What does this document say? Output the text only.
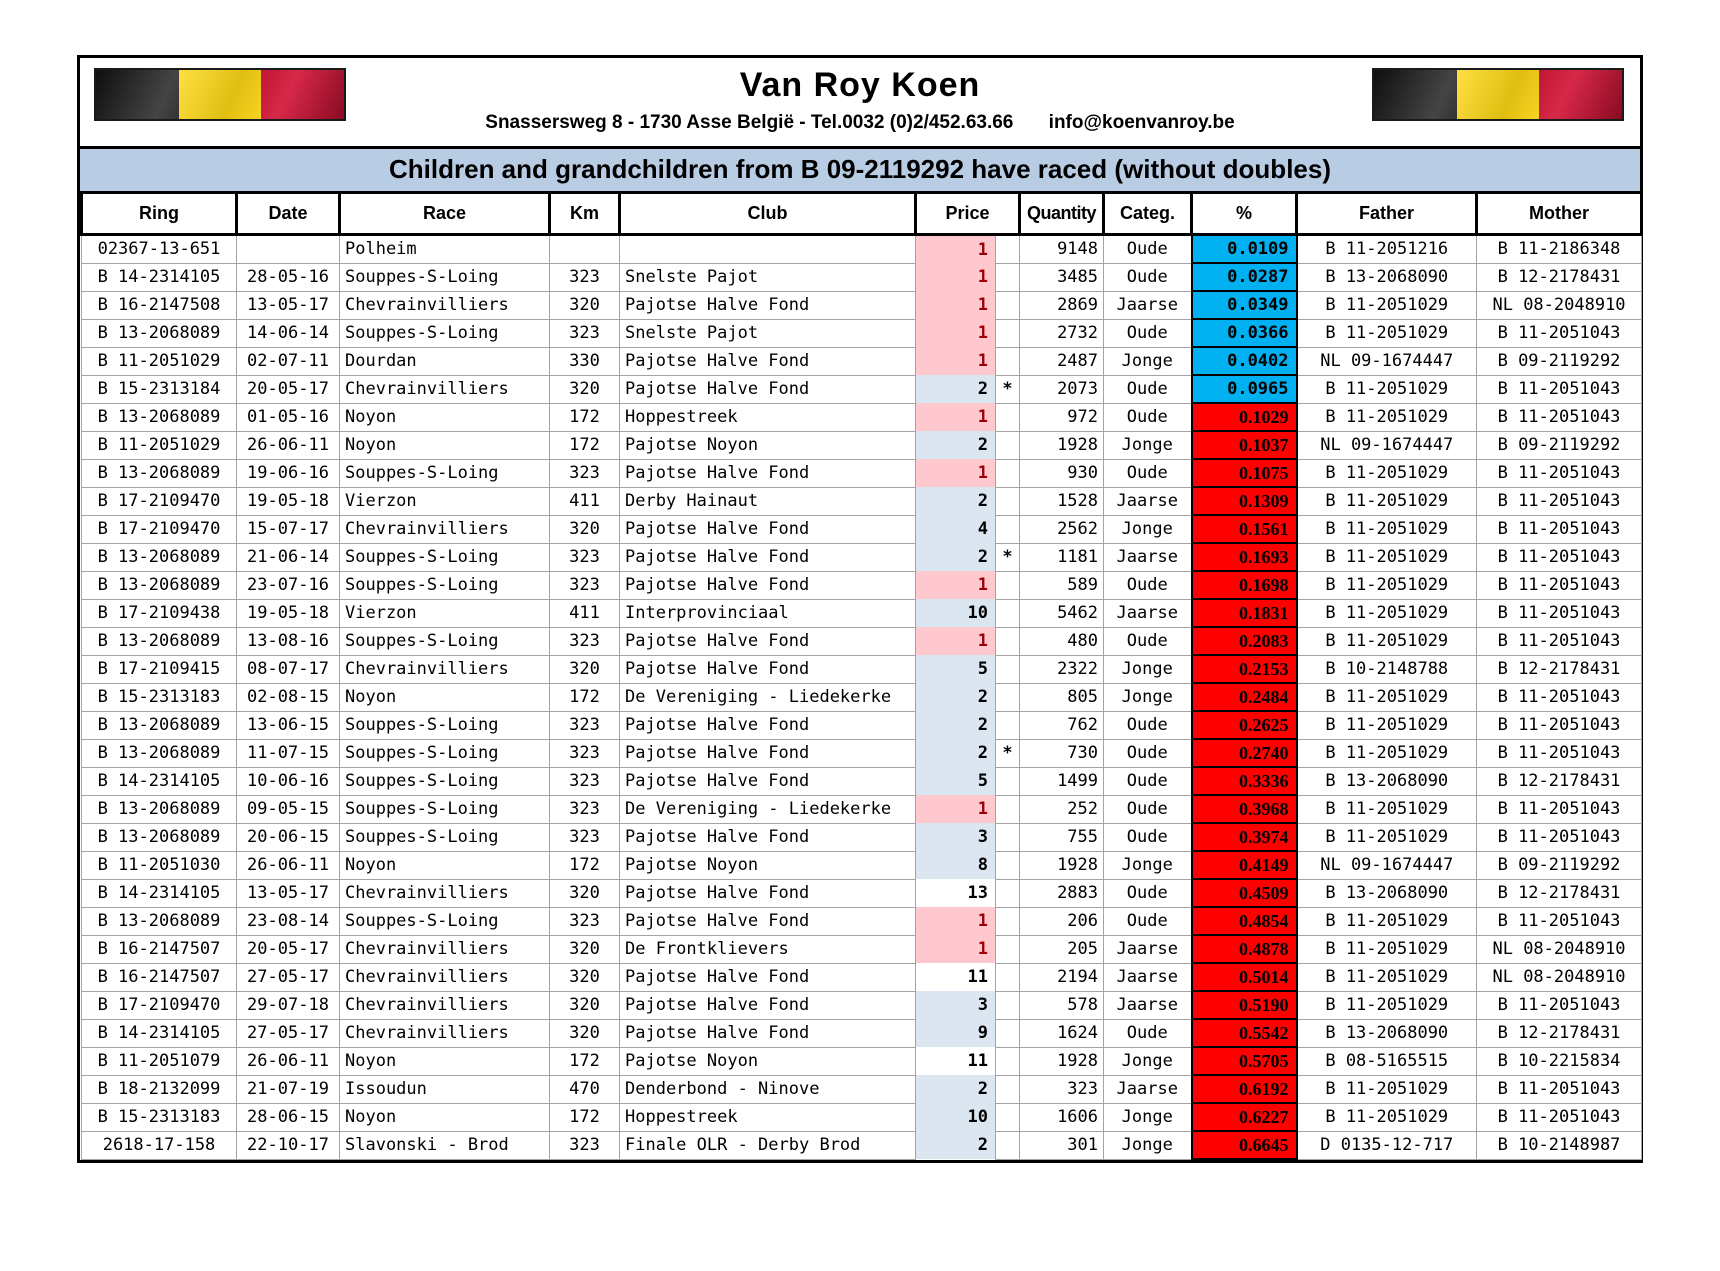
Van Roy Koen
Snassersweg 8 - 1730 Asse België - Tel.0032 (0)2/452.63.66 info@koenvanroy.be
Children and grandchildren from B 09-2119292 have raced (without doubles)
Ring	Date	Race	Km	Club	Price		Quantity	Categ.	%	Father	Mother
02367-13-651		Polheim			1		9148	Oude	0.0109	B 11-2051216	B 11-2186348
B 14-2314105	28-05-16	Souppes-S-Loing	323	Snelste Pajot	1		3485	Oude	0.0287	B 13-2068090	B 12-2178431
B 16-2147508	13-05-17	Chevrainvilliers	320	Pajotse Halve Fond	1		2869	Jaarse	0.0349	B 11-2051029	NL 08-2048910
B 13-2068089	14-06-14	Souppes-S-Loing	323	Snelste Pajot	1		2732	Oude	0.0366	B 11-2051029	B 11-2051043
B 11-2051029	02-07-11	Dourdan	330	Pajotse Halve Fond	1		2487	Jonge	0.0402	NL 09-1674447	B 09-2119292
B 15-2313184	20-05-17	Chevrainvilliers	320	Pajotse Halve Fond	2	*	2073	Oude	0.0965	B 11-2051029	B 11-2051043
B 13-2068089	01-05-16	Noyon	172	Hoppestreek	1		972	Oude	0.1029	B 11-2051029	B 11-2051043
B 11-2051029	26-06-11	Noyon	172	Pajotse Noyon	2		1928	Jonge	0.1037	NL 09-1674447	B 09-2119292
B 13-2068089	19-06-16	Souppes-S-Loing	323	Pajotse Halve Fond	1		930	Oude	0.1075	B 11-2051029	B 11-2051043
B 17-2109470	19-05-18	Vierzon	411	Derby Hainaut	2		1528	Jaarse	0.1309	B 11-2051029	B 11-2051043
B 17-2109470	15-07-17	Chevrainvilliers	320	Pajotse Halve Fond	4		2562	Jonge	0.1561	B 11-2051029	B 11-2051043
B 13-2068089	21-06-14	Souppes-S-Loing	323	Pajotse Halve Fond	2	*	1181	Jaarse	0.1693	B 11-2051029	B 11-2051043
B 13-2068089	23-07-16	Souppes-S-Loing	323	Pajotse Halve Fond	1		589	Oude	0.1698	B 11-2051029	B 11-2051043
B 17-2109438	19-05-18	Vierzon	411	Interprovinciaal	10		5462	Jaarse	0.1831	B 11-2051029	B 11-2051043
B 13-2068089	13-08-16	Souppes-S-Loing	323	Pajotse Halve Fond	1		480	Oude	0.2083	B 11-2051029	B 11-2051043
B 17-2109415	08-07-17	Chevrainvilliers	320	Pajotse Halve Fond	5		2322	Jonge	0.2153	B 10-2148788	B 12-2178431
B 15-2313183	02-08-15	Noyon	172	De Vereniging - Liedekerke	2		805	Jonge	0.2484	B 11-2051029	B 11-2051043
B 13-2068089	13-06-15	Souppes-S-Loing	323	Pajotse Halve Fond	2		762	Oude	0.2625	B 11-2051029	B 11-2051043
B 13-2068089	11-07-15	Souppes-S-Loing	323	Pajotse Halve Fond	2	*	730	Oude	0.2740	B 11-2051029	B 11-2051043
B 14-2314105	10-06-16	Souppes-S-Loing	323	Pajotse Halve Fond	5		1499	Oude	0.3336	B 13-2068090	B 12-2178431
B 13-2068089	09-05-15	Souppes-S-Loing	323	De Vereniging - Liedekerke	1		252	Oude	0.3968	B 11-2051029	B 11-2051043
B 13-2068089	20-06-15	Souppes-S-Loing	323	Pajotse Halve Fond	3		755	Oude	0.3974	B 11-2051029	B 11-2051043
B 11-2051030	26-06-11	Noyon	172	Pajotse Noyon	8		1928	Jonge	0.4149	NL 09-1674447	B 09-2119292
B 14-2314105	13-05-17	Chevrainvilliers	320	Pajotse Halve Fond	13		2883	Oude	0.4509	B 13-2068090	B 12-2178431
B 13-2068089	23-08-14	Souppes-S-Loing	323	Pajotse Halve Fond	1		206	Oude	0.4854	B 11-2051029	B 11-2051043
B 16-2147507	20-05-17	Chevrainvilliers	320	De Frontklievers	1		205	Jaarse	0.4878	B 11-2051029	NL 08-2048910
B 16-2147507	27-05-17	Chevrainvilliers	320	Pajotse Halve Fond	11		2194	Jaarse	0.5014	B 11-2051029	NL 08-2048910
B 17-2109470	29-07-18	Chevrainvilliers	320	Pajotse Halve Fond	3		578	Jaarse	0.5190	B 11-2051029	B 11-2051043
B 14-2314105	27-05-17	Chevrainvilliers	320	Pajotse Halve Fond	9		1624	Oude	0.5542	B 13-2068090	B 12-2178431
B 11-2051079	26-06-11	Noyon	172	Pajotse Noyon	11		1928	Jonge	0.5705	B 08-5165515	B 10-2215834
B 18-2132099	21-07-19	Issoudun	470	Denderbond - Ninove	2		323	Jaarse	0.6192	B 11-2051029	B 11-2051043
B 15-2313183	28-06-15	Noyon	172	Hoppestreek	10		1606	Jonge	0.6227	B 11-2051029	B 11-2051043
2618-17-158	22-10-17	Slavonski - Brod	323	Finale OLR - Derby Brod	2		301	Jonge	0.6645	D 0135-12-717	B 10-2148987
